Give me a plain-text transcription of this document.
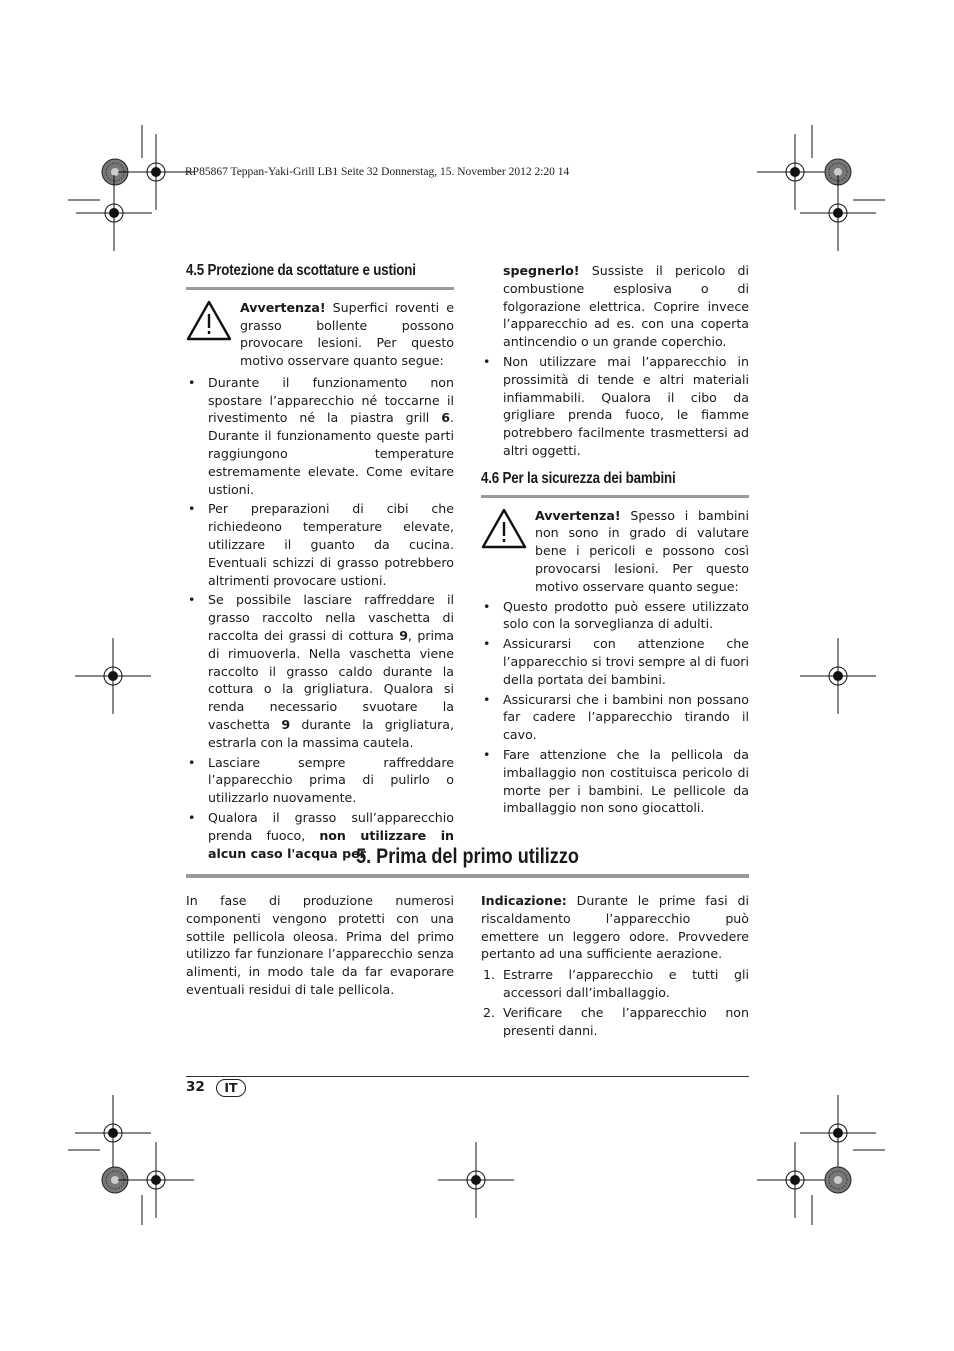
RP85867 Teppan-Yaki-Grill LB1 Seite 32 Donnerstag, 15. November 2012 2:20 14
4.5 Protezione da scottature e ustioni

Avvertenza! Superfici roventi e grasso bollente possono provocare lesioni. Per questo motivo osservare quanto segue:

• Durante il funzionamento non spostare l’apparecchio né toccarne il rivestimento né la piastra grill 6. Durante il funzionamento queste parti raggiungono temperature estremamente elevate. Come evitare ustioni.
• Per preparazioni di cibi che richiedeono temperature elevate, utilizzare il guanto da cucina. Eventuali schizzi di grasso potrebbero altrimenti provocare ustioni.
• Se possibile lasciare raffreddare il grasso raccolto nella vaschetta di raccolta dei grassi di cottura 9, prima di rimuoverla. Nella vaschetta viene raccolto il grasso caldo durante la cottura o la grigliatura. Qualora si renda necessario svuotare la vaschetta 9 durante la grigliatura, estrarla con la massima cautela.
• Lasciare sempre raffreddare l’apparecchio prima di pulirlo o utilizzarlo nuovamente.
• Qualora il grasso sull’apparecchio prenda fuoco, non utilizzare in alcun caso l'acqua per

spegnerlo! Sussiste il pericolo di combustione esplosiva o di folgorazione elettrica. Coprire invece l’apparecchio ad es. con una coperta antincendio o un grande coperchio.

• Non utilizzare mai l’apparecchio in prossimità di tende e altri materiali infiammabili. Qualora il cibo da grigliare prenda fuoco, le fiamme potrebbero facilmente trasmettersi ad altri oggetti.
4.6 Per la sicurezza dei bambini

Avvertenza! Spesso i bambini non sono in grado di valutare bene i pericoli e possono così provocarsi lesioni. Per questo motivo osservare quanto segue:

• Questo prodotto può essere utilizzato solo con la sorveglianza di adulti.
• Assicurarsi con attenzione che l’apparecchio si trovi sempre al di fuori della portata dei bambini.
• Assicurarsi che i bambini non possano far cadere l’apparecchio tirando il cavo.
• Fare attenzione che la pellicola da imballaggio non costituisca pericolo di morte per i bambini. Le pellicole da imballaggio non sono giocattoli.
5. Prima del primo utilizzo

In fase di produzione numerosi componenti vengono protetti con una sottile pellicola oleosa. Prima del primo utilizzo far funzionare l’apparecchio senza alimenti, in modo tale da far evaporare eventuali residui di tale pellicola.

Indicazione: Durante le prime fasi di riscaldamento l’apparecchio può emettere un leggero odore. Provvedere pertanto ad una sufficiente aerazione.

1. Estrarre l’apparecchio e tutti gli accessori dall’imballaggio.
2. Verificare che l’apparecchio non presenti danni.
32	IT
